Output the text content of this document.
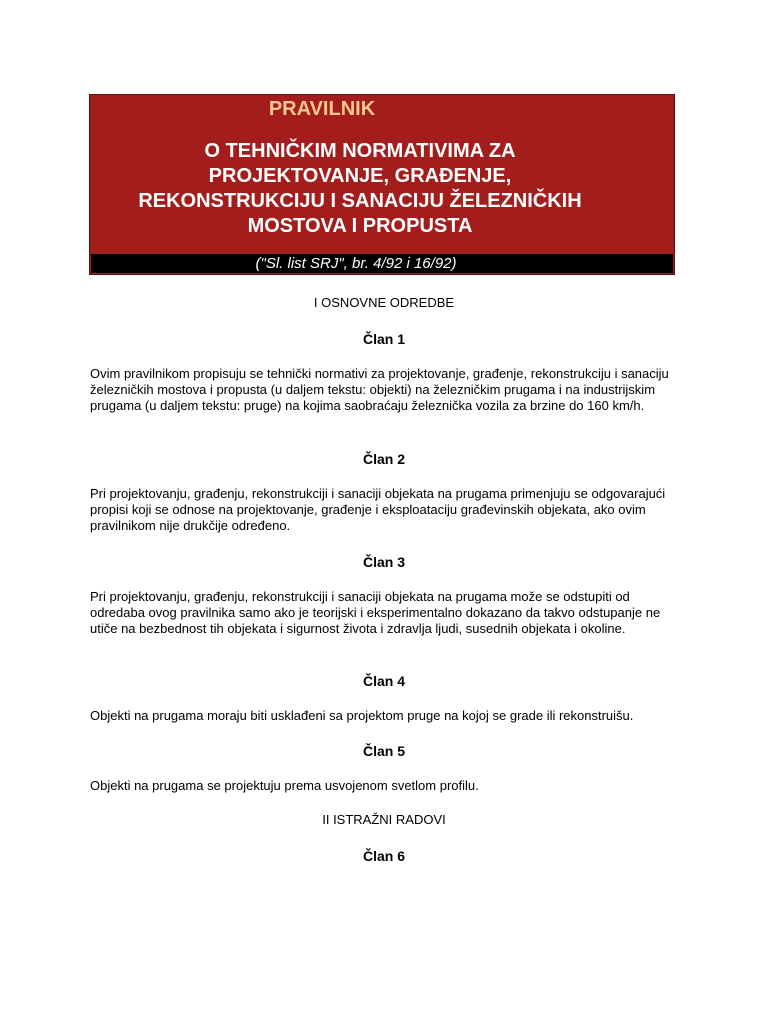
PRAVILNIK
O TEHNIČKIM NORMATIVIMA ZA
PROJEKTOVANJE, GRAĐENJE,
REKONSTRUKCIJU I SANACIJU ŽELEZNIČKIH
MOSTOVA I PROPUSTA
("Sl. list SRJ", br. 4/92 i 16/92)
I OSNOVNE ODREDBE
Član 1
Ovim pravilnikom propisuju se tehnički normativi za projektovanje, građenje, rekonstrukciju i sanaciju železničkih mostova i propusta (u daljem tekstu: objekti) na železničkim prugama i na industrijskim prugama (u daljem tekstu: pruge) na kojima saobraćaju železnička vozila za brzine do 160 km/h.
Član 2
Pri projektovanju, građenju, rekonstrukciji i sanaciji objekata na prugama primenjuju se odgovarajući propisi koji se odnose na projektovanje, građenje i eksploataciju građevinskih objekata, ako ovim pravilnikom nije drukčije određeno.
Član 3
Pri projektovanju, građenju, rekonstrukciji i sanaciji objekata na prugama može se odstupiti od odredaba ovog pravilnika samo ako je teorijski i eksperimentalno dokazano da takvo odstupanje ne utiče na bezbednost tih objekata i sigurnost života i zdravlja ljudi, susednih objekata i okoline.
Član 4
Objekti na prugama moraju biti usklađeni sa projektom pruge na kojoj se grade ili rekonstruišu.
Član 5
Objekti na prugama se projektuju prema usvojenom svetlom profilu.
II ISTRAŽNI RADOVI
Član 6
